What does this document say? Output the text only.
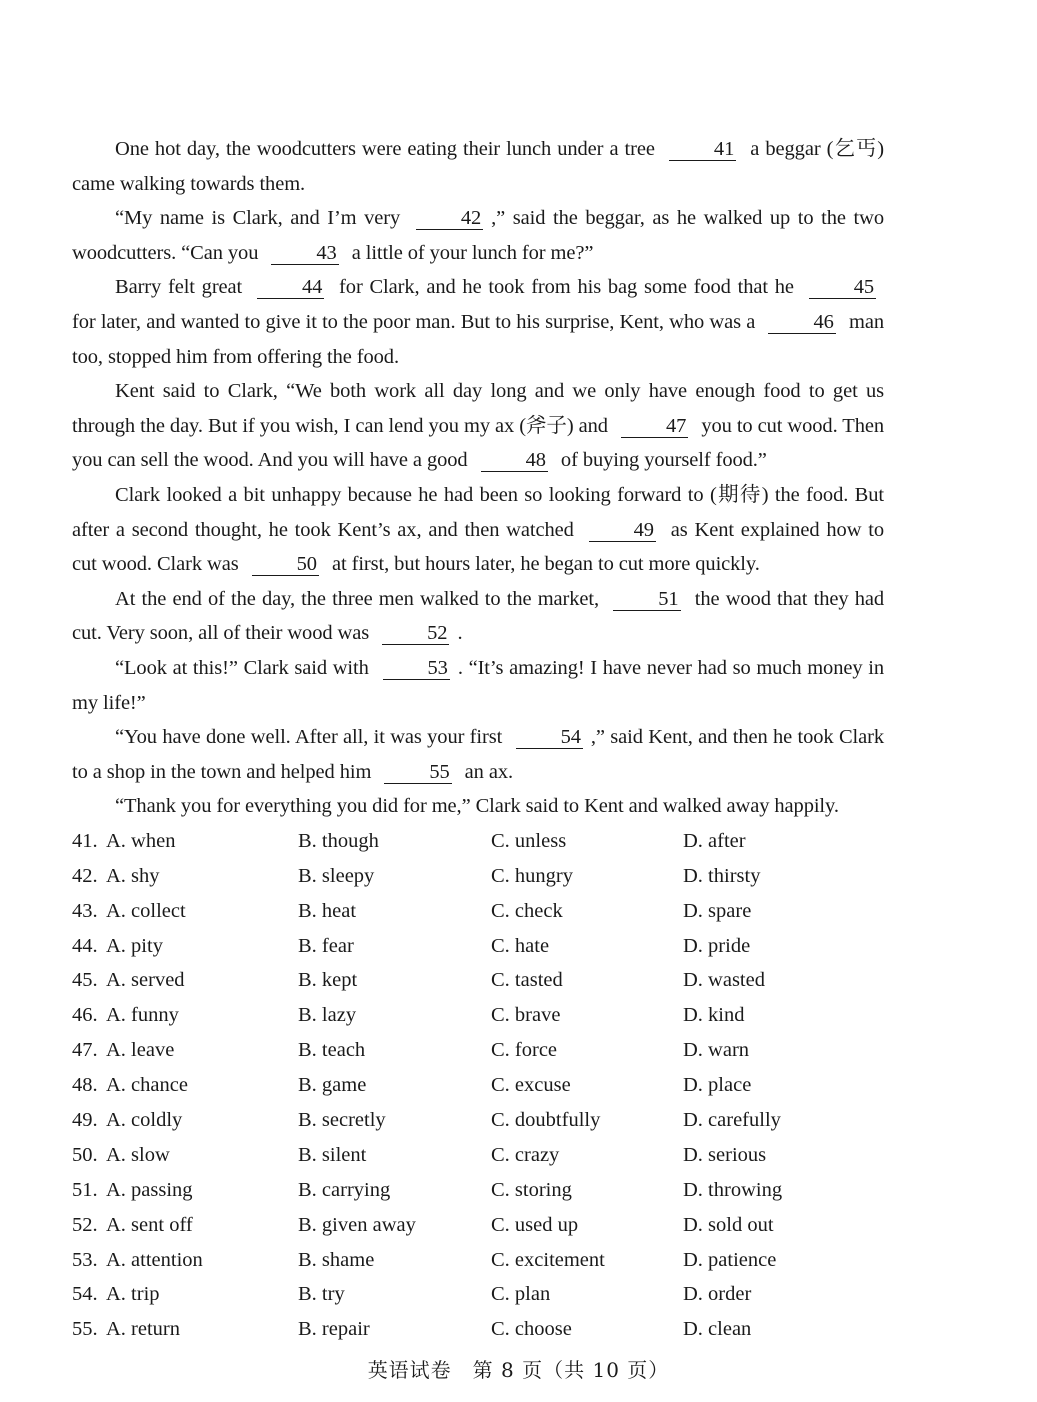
One hot day, the woodcutters were eating their lunch under a tree	41 a beggar (乞丐) came walking towards them.

“My name is Clark, and I’m very	42 ,” said the beggar, as he walked up to the two woodcutters. “Can you	43 a little of your lunch for me?”

Barry felt great	44 for Clark, and he took from his bag some food that he	45 for later, and wanted to give it to the poor man. But to his surprise, Kent, who was a	46 man too, stopped him from offering the food.

Kent said to Clark, “We both work all day long and we only have enough food to get us through the day. But if you wish, I can lend you my ax (斧子) and	47 you to cut wood. Then you can sell the wood. And you will have a good	48 of buying yourself food.”

Clark looked a bit unhappy because he had been so looking forward to (期待) the food. But after a second thought, he took Kent’s ax, and then watched	49 as Kent explained how to cut wood. Clark was	50 at first, but hours later, he began to cut more quickly.

At the end of the day, the three men walked to the market,	51 the wood that they had cut. Very soon, all of their wood was	52 .

“Look at this!” Clark said with	53 . “It’s amazing! I have never had so much money in my life!”

“You have done well. After all, it was your first	54 ,” said Kent, and then he took Clark to a shop in the town and helped him	55 an ax.

“Thank you for everything you did for me,” Clark said to Kent and walked away happily.

41. A. when	B. though	C. unless	D. after
42. A. shy	B. sleepy	C. hungry	D. thirsty
43. A. collect	B. heat	C. check	D. spare
44. A. pity	B. fear	C. hate	D. pride
45. A. served	B. kept	C. tasted	D. wasted
46. A. funny	B. lazy	C. brave	D. kind
47. A. leave	B. teach	C. force	D. warn
48. A. chance	B. game	C. excuse	D. place
49. A. coldly	B. secretly	C. doubtfully	D. carefully
50. A. slow	B. silent	C. crazy	D. serious
51. A. passing	B. carrying	C. storing	D. throwing
52. A. sent off	B. given away	C. used up	D. sold out
53. A. attention	B. shame	C. excitement	D. patience
54. A. trip	B. try	C. plan	D. order
55. A. return	B. repair	C. choose	D. clean
英语试卷　第 8 页（共 10 页）
